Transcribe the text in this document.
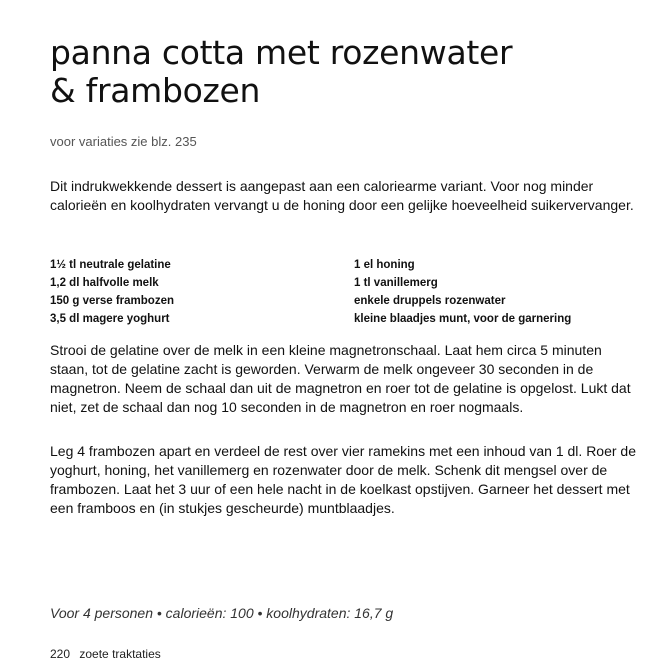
panna cotta met rozenwater
& frambozen
voor variaties zie blz. 235

Dit indrukwekkende dessert is aangepast aan een caloriearme variant. Voor nog minder calorieën en koolhydraten vervangt u de honing door een gelijke hoeveelheid suikervervanger.

1½ tl neutrale gelatine
1,2 dl halfvolle melk
150 g verse frambozen
3,5 dl magere yoghurt
1 el honing
1 tl vanillemerg
enkele druppels rozenwater
kleine blaadjes munt, voor de garnering

Strooi de gelatine over de melk in een kleine magnetronschaal. Laat hem circa 5 minuten staan, tot de gelatine zacht is geworden. Verwarm de melk ongeveer 30 seconden in de magnetron. Neem de schaal dan uit de magnetron en roer tot de gelatine is opgelost. Lukt dat niet, zet de schaal dan nog 10 seconden in de magnetron en roer nogmaals.

Leg 4 frambozen apart en verdeel de rest over vier ramekins met een inhoud van 1 dl. Roer de yoghurt, honing, het vanillemerg en rozenwater door de melk. Schenk dit mengsel over de frambozen. Laat het 3 uur of een hele nacht in de koelkast opstijven. Garneer het dessert met een framboos en (in stukjes gescheurde) muntblaadjes.

Voor 4 personen • calorieën: 100 • koolhydraten: 16,7 g
220 zoete traktaties
